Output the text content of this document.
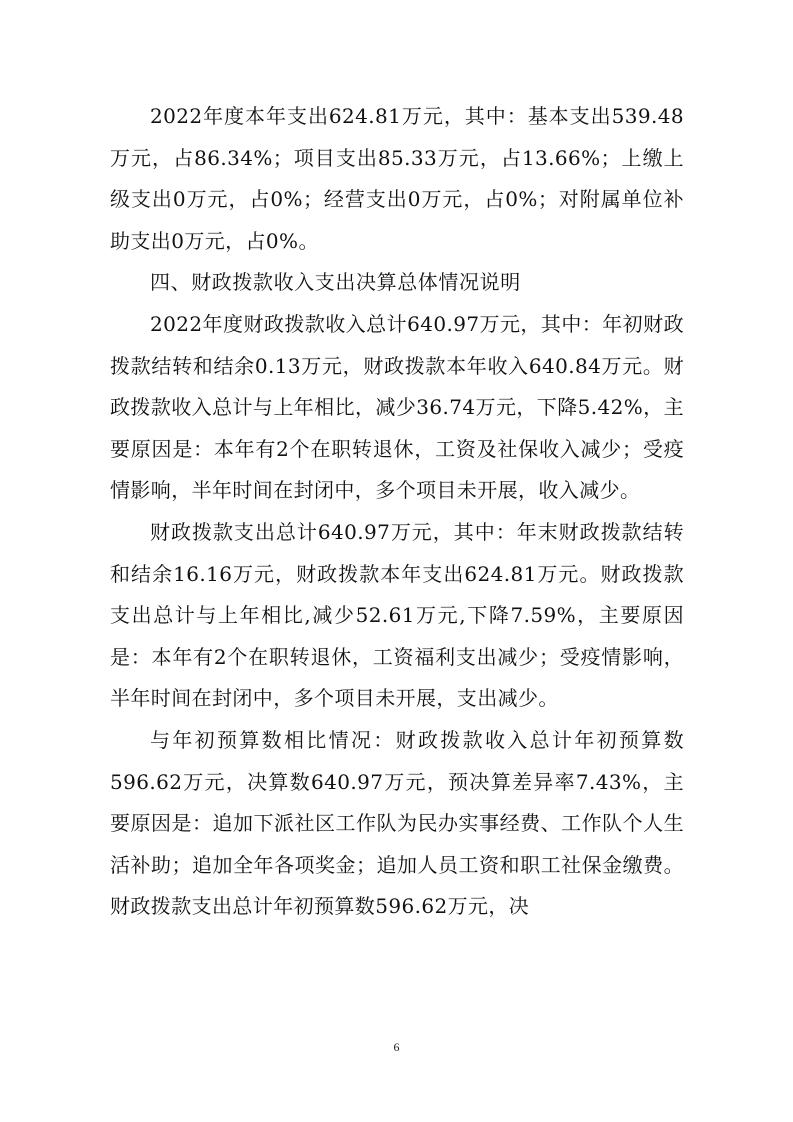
2022年度本年支出624.81万元，其中：基本支出539.48万元，占86.34%；项目支出85.33万元，占13.66%；上缴上级支出0万元，占0%；经营支出0万元，占0%；对附属单位补助支出0万元，占0%。

四、财政拨款收入支出决算总体情况说明

2022年度财政拨款收入总计640.97万元，其中：年初财政拨款结转和结余0.13万元，财政拨款本年收入640.84万元。财政拨款收入总计与上年相比，减少36.74万元，下降5.42%，主要原因是：本年有2个在职转退休，工资及社保收入减少；受疫情影响，半年时间在封闭中，多个项目未开展，收入减少。

财政拨款支出总计640.97万元，其中：年末财政拨款结转和结余16.16万元，财政拨款本年支出624.81万元。财政拨款支出总计与上年相比,减少52.61万元,下降7.59%，主要原因是：本年有2个在职转退休，工资福利支出减少；受疫情影响，半年时间在封闭中，多个项目未开展，支出减少。

与年初预算数相比情况：财政拨款收入总计年初预算数596.62万元，决算数640.97万元，预决算差异率7.43%，主要原因是：追加下派社区工作队为民办实事经费、工作队个人生活补助；追加全年各项奖金；追加人员工资和职工社保金缴费。财政拨款支出总计年初预算数596.62万元，决

6
